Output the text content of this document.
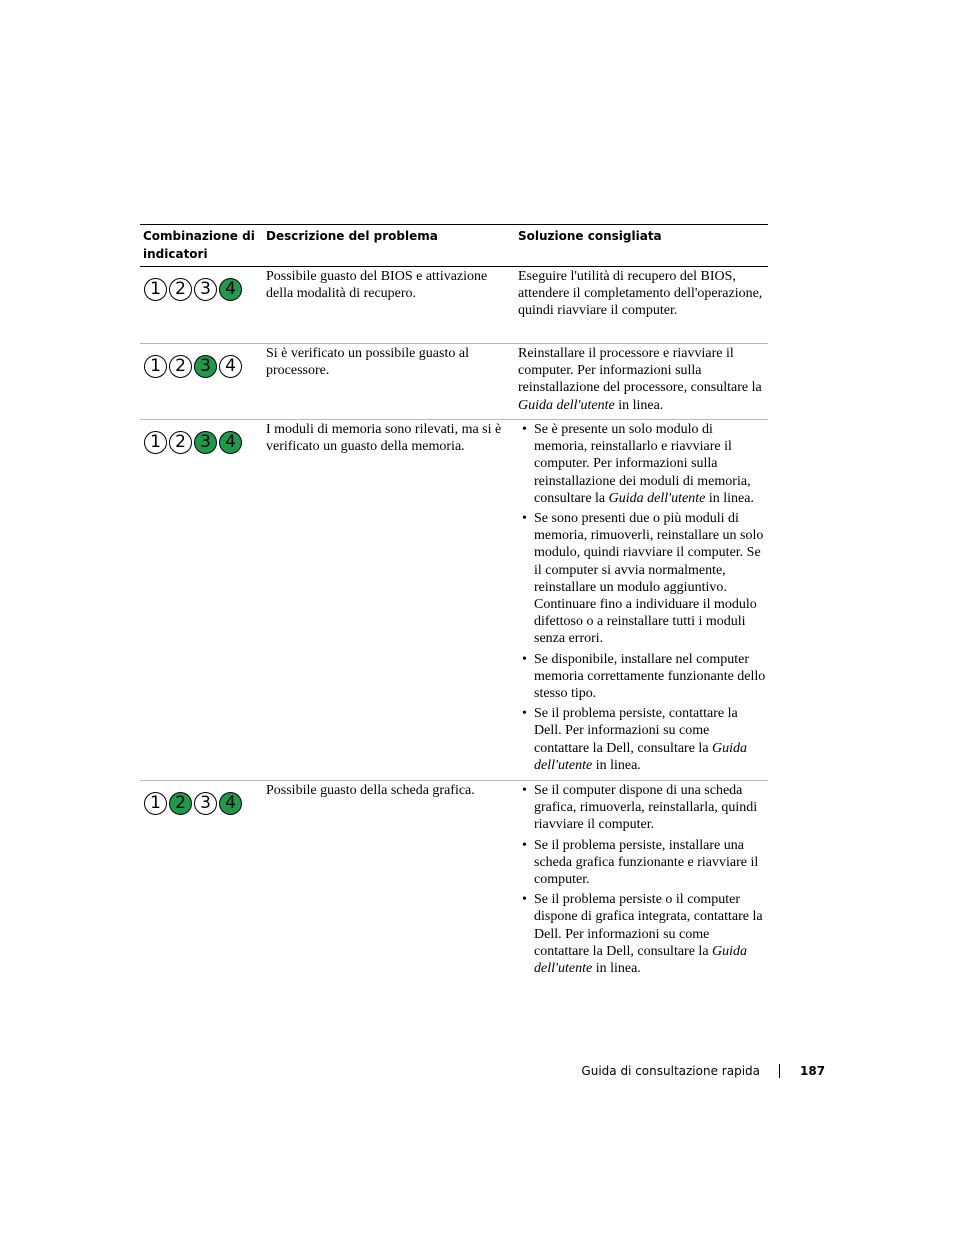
Combinazione di
indicatori
Descrizione del problema	Soluzione consigliata
1 2 3 4
Possibile guasto del BIOS e attivazione della modalità di recupero.
Eseguire l'utilità di recupero del BIOS, attendere il completamento dell'operazione, quindi riavviare il computer.
1 2 3 4
Si è verificato un possibile guasto al processore.
Reinstallare il processore e riavviare il computer. Per informazioni sulla reinstallazione del processore, consultare la Guida dell'utente in linea.
1 2 3 4
I moduli di memoria sono rilevati, ma si è verificato un guasto della memoria.
• Se è presente un solo modulo di memoria, reinstallarlo e riavviare il computer. Per informazioni sulla reinstallazione dei moduli di memoria, consultare la Guida dell'utente in linea.
• Se sono presenti due o più moduli di memoria, rimuoverli, reinstallare un solo modulo, quindi riavviare il computer. Se il computer si avvia normalmente, reinstallare un modulo aggiuntivo. Continuare fino a individuare il modulo difettoso o a reinstallare tutti i moduli senza errori.
• Se disponibile, installare nel computer memoria correttamente funzionante dello stesso tipo.
• Se il problema persiste, contattare la Dell. Per informazioni su come contattare la Dell, consultare la Guida dell'utente in linea.
1 2 3 4
Possibile guasto della scheda grafica.
•	Se il computer dispone di una scheda grafica, rimuoverla, reinstallarla, quindi riavviare il computer.
• Se il problema persiste, installare una scheda grafica funzionante e riavviare il computer.
• Se il problema persiste o il computer dispone di grafica integrata, contattare la Dell. Per informazioni su come contattare la Dell, consultare la Guida dell'utente in linea.
Guida di consultazione rapida	187
